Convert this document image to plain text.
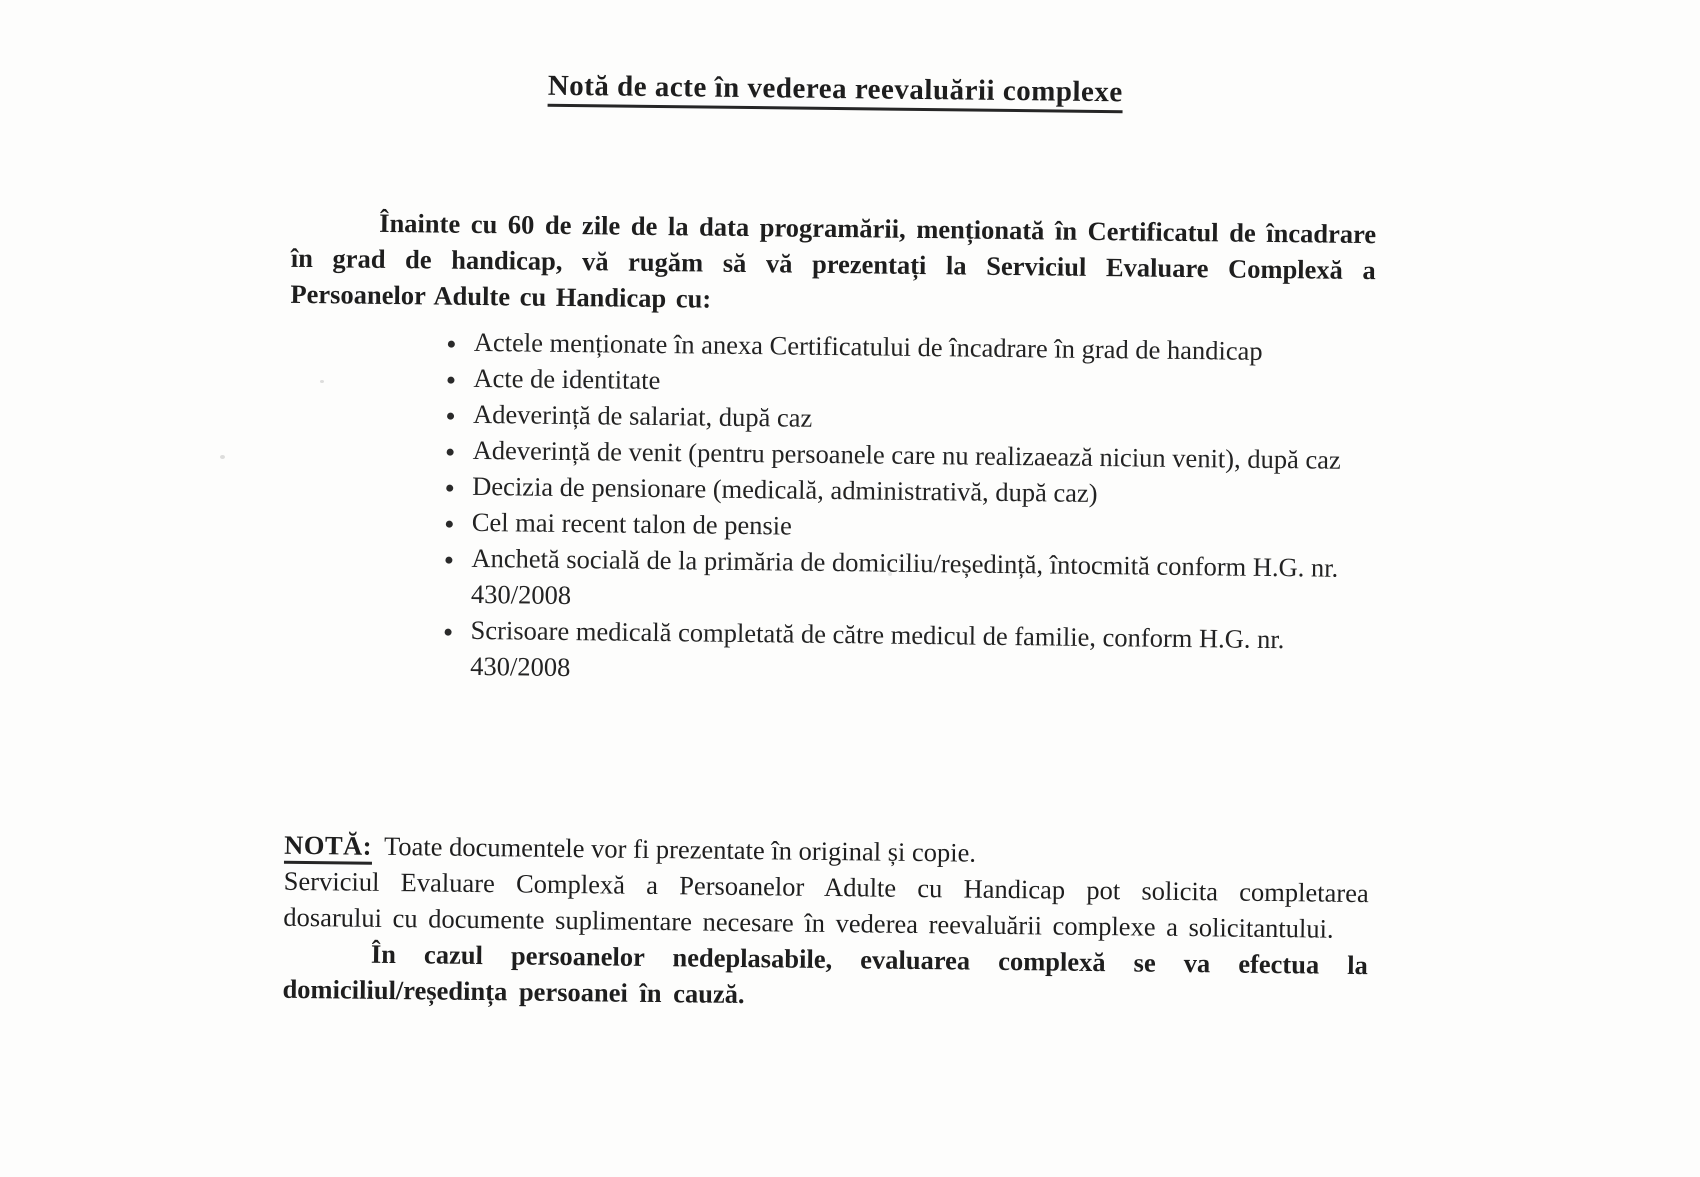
Notă de acte în vederea reevaluării complexe

Înainte cu 60 de zile de la data programării, menționată în Certificatul de încadrare în grad de handicap, vă rugăm să vă prezentați la Serviciul Evaluare Complexă a Persoanelor Adulte cu Handicap cu:

• Actele menționate în anexa Certificatului de încadrare în grad de handicap
• Acte de identitate
• Adeverință de salariat, după caz
• Adeverință de venit (pentru persoanele care nu realizaează niciun venit), după caz
• Decizia de pensionare (medicală, administrativă, după caz)
• Cel mai recent talon de pensie
• Anchetă socială de la primăria de domiciliu/reședință, întocmită conform H.G. nr. 430/2008
• Scrisoare medicală completată de către medicul de familie, conform H.G. nr. 430/2008

NOTĂ: Toate documentele vor fi prezentate în original și copie.

Serviciul Evaluare Complexă a Persoanelor Adulte cu Handicap pot solicita completarea dosarului cu documente suplimentare necesare în vederea reevaluării complexe a solicitantului.

În cazul persoanelor nedeplasabile, evaluarea complexă se va efectua la domiciliul/reședința persoanei în cauză.
